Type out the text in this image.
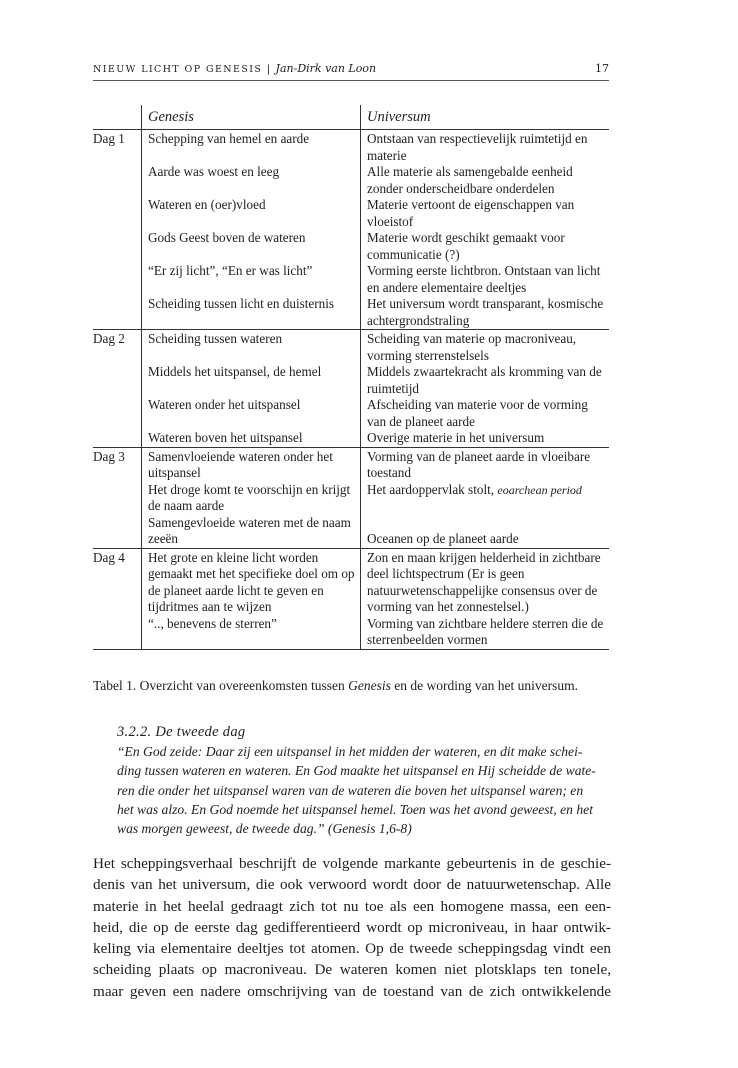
NIEUW LICHT OP GENESIS | Jan-Dirk van Loon	17
	Genesis	Universum
Dag 1	Schepping van hemel en aarde	Ontstaan van respectievelijk ruimtetijd en materie
	Aarde was woest en leeg	Alle materie als samengebalde eenheid zonder onderscheidbare onderdelen
	Wateren en (oer)vloed	Materie vertoont de eigenschappen van vloeistof
	Gods Geest boven de wateren	Materie wordt geschikt gemaakt voor communicatie (?)
	“Er zij licht”, “En er was licht”	Vorming eerste lichtbron. Ontstaan van licht en andere elementaire deeltjes
	Scheiding tussen licht en duisternis	Het universum wordt transparant, kosmische achtergrondstraling
Dag 2	Scheiding tussen wateren	Scheiding van materie op macroniveau, vorming sterrenstelsels
	Middels het uitspansel, de hemel	Middels zwaartekracht als kromming van de ruimtetijd
	Wateren onder het uitspansel	Afscheiding van materie voor de vorming van de planeet aarde
	Wateren boven het uitspansel	Overige materie in het universum
Dag 3	Samenvloeiende wateren onder het uitspansel	Vorming van de planeet aarde in vloeibare toestand
	Het droge komt te voorschijn en krijgt de naam aarde	Het aardoppervlak stolt, eoarchean period
	Samengevloeide wateren met de naam zeeën	Oceanen op de planeet aarde
Dag 4	Het grote en kleine licht worden gemaakt met het specifieke doel om op de planeet aarde licht te geven en tijdritmes aan te wijzen	Zon en maan krijgen helderheid in zichtbare deel lichtspectrum (Er is geen natuurwetenschappelijke consensus over de vorming van het zonnestelsel.)
	“.., benevens de sterren”	Vorming van zichtbare heldere sterren die de sterrenbeelden vormen
Tabel 1. Overzicht van overeenkomsten tussen Genesis en de wording van het universum.
3.2.2. De tweede dag
“En God zeide: Daar zij een uitspansel in het midden der wateren, en dit make schei-
ding tussen wateren en wateren. En God maakte het uitspansel en Hij scheidde de wate-
ren die onder het uitspansel waren van de wateren die boven het uitspansel waren; en
het was alzo. En God noemde het uitspansel hemel. Toen was het avond geweest, en het
was morgen geweest, de tweede dag.” (Genesis 1,6-8)
Het scheppingsverhaal beschrijft de volgende markante gebeurtenis in de geschie-
denis van het universum, die ook verwoord wordt door de natuurwetenschap. Alle
materie in het heelal gedraagt zich tot nu toe als een homogene massa, een een-
heid, die op de eerste dag gedifferentieerd wordt op microniveau, in haar ontwik-
keling via elementaire deeltjes tot atomen. Op de tweede scheppingsdag vindt een
scheiding plaats op macroniveau. De wateren komen niet plotsklaps ten tonele,
maar geven een nadere omschrijving van de toestand van de zich ontwikkelende
